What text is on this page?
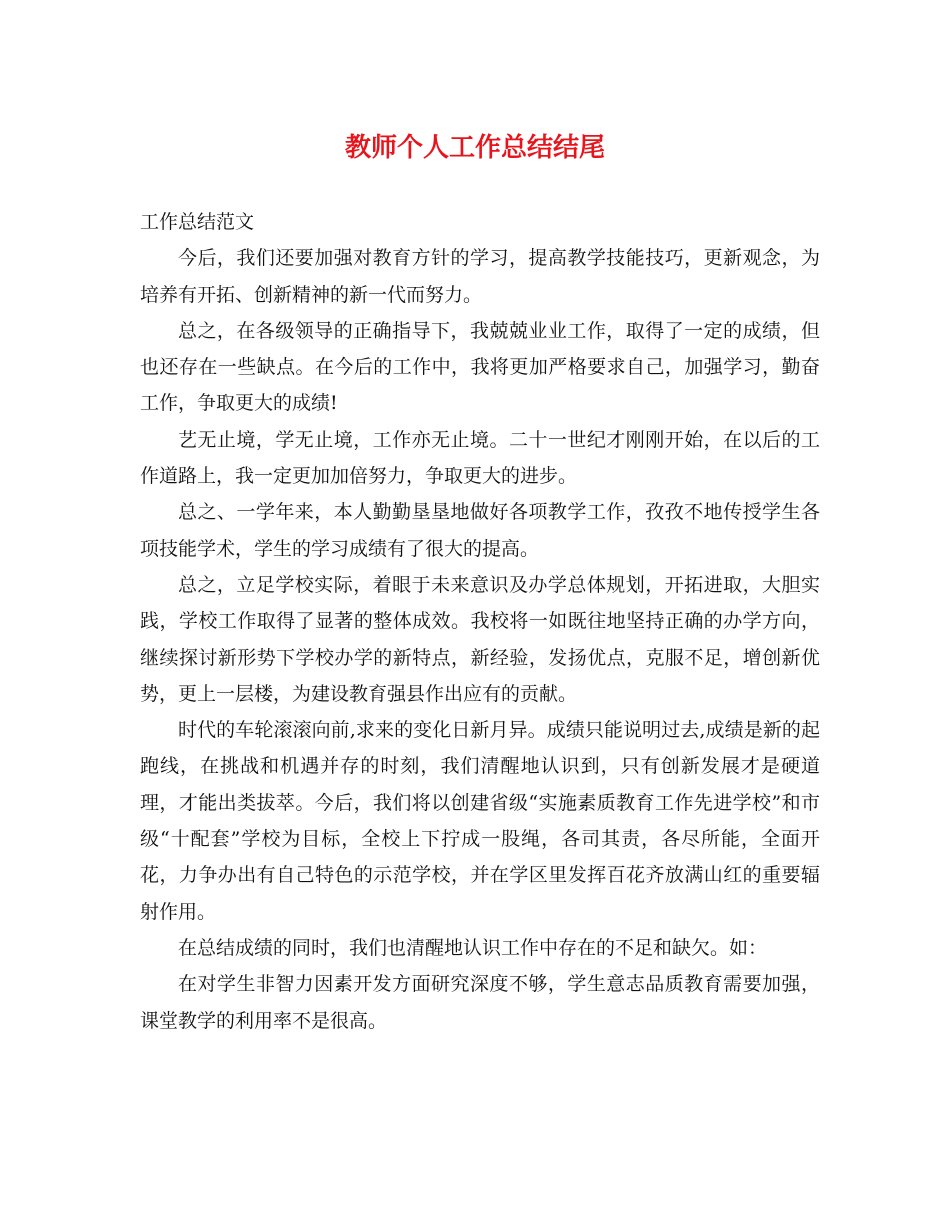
教师个人工作总结结尾

工作总结范文

今后，我们还要加强对教育方针的学习，提高教学技能技巧，更新观念，为培养有开拓、创新精神的新一代而努力。

总之，在各级领导的正确指导下，我兢兢业业工作，取得了一定的成绩，但也还存在一些缺点。在今后的工作中，我将更加严格要求自己，加强学习，勤奋工作，争取更大的成绩!

艺无止境，学无止境，工作亦无止境。二十一世纪才刚刚开始，在以后的工作道路上，我一定更加加倍努力，争取更大的进步。

总之、一学年来，本人勤勤垦垦地做好各项教学工作，孜孜不地传授学生各项技能学术，学生的学习成绩有了很大的提高。

总之，立足学校实际，着眼于未来意识及办学总体规划，开拓进取，大胆实践，学校工作取得了显著的整体成效。我校将一如既往地坚持正确的办学方向，继续探讨新形势下学校办学的新特点，新经验，发扬优点，克服不足，增创新优势，更上一层楼，为建设教育强县作出应有的贡献。

时代的车轮滚滚向前,求来的变化日新月异。成绩只能说明过去,成绩是新的起跑线，在挑战和机遇并存的时刻，我们清醒地认识到，只有创新发展才是硬道理，才能出类拔萃。今后，我们将以创建省级“实施素质教育工作先进学校”和市级“十配套”学校为目标，全校上下拧成一股绳，各司其责，各尽所能，全面开花，力争办出有自己特色的示范学校，并在学区里发挥百花齐放满山红的重要辐射作用。

在总结成绩的同时，我们也清醒地认识工作中存在的不足和缺欠。如：

在对学生非智力因素开发方面研究深度不够，学生意志品质教育需要加强，课堂教学的利用率不是很高。
